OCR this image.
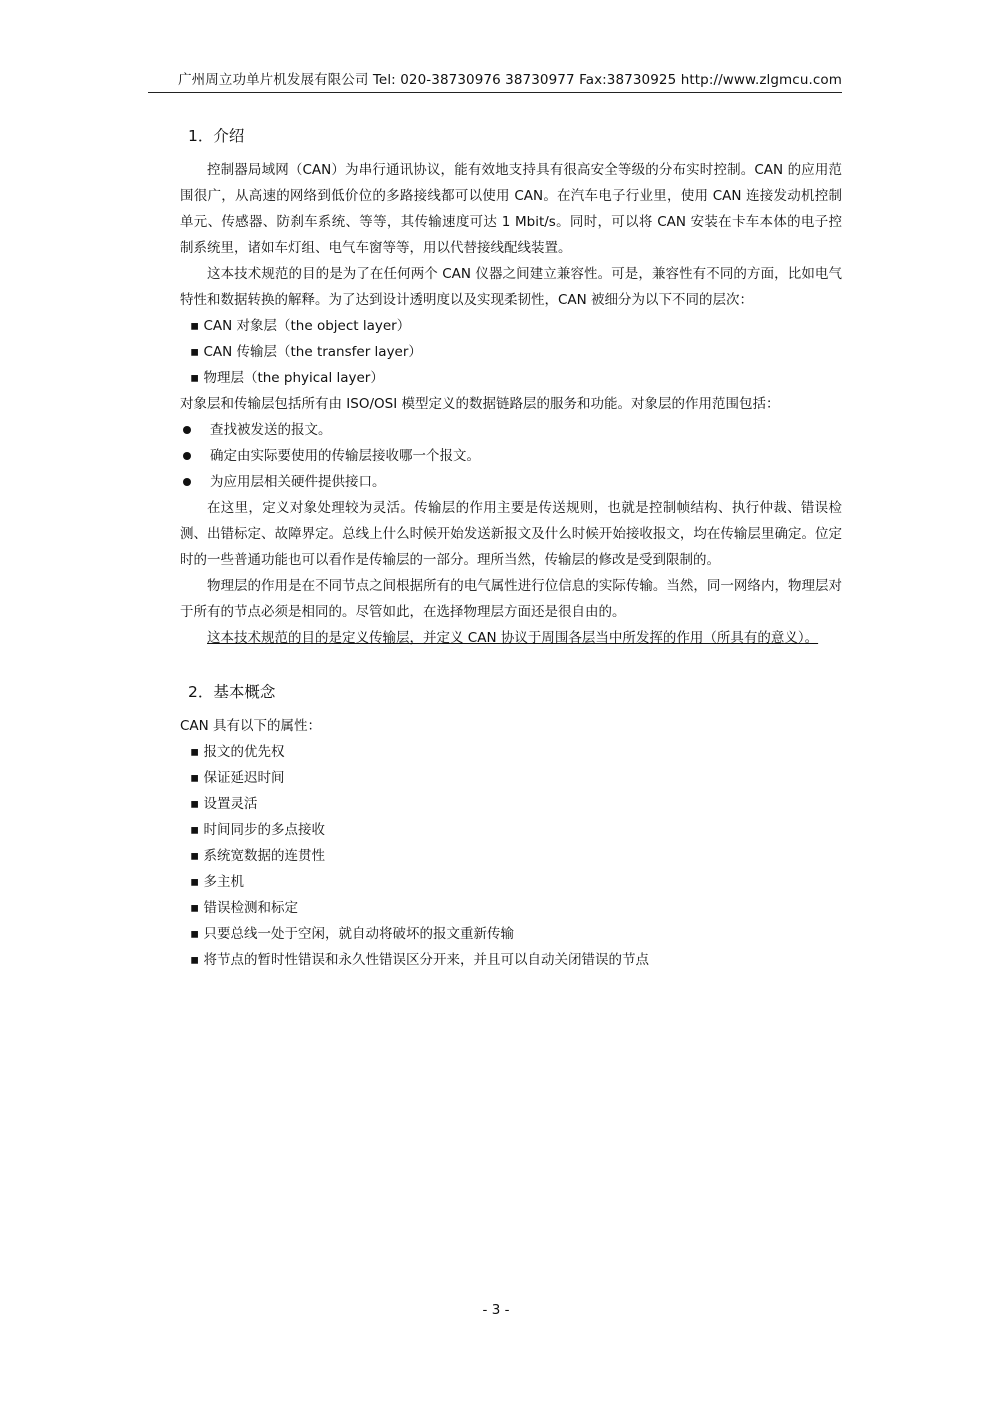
广州周立功单片机发展有限公司 Tel: 020-38730976 38730977 Fax:38730925 http://www.zlgmcu.com
1．介绍

控制器局域网（CAN）为串行通讯协议，能有效地支持具有很高安全等级的分布实时控制。CAN 的应用范围很广，从高速的网络到低价位的多路接线都可以使用 CAN。在汽车电子行业里，使用 CAN 连接发动机控制单元、传感器、防刹车系统、等等，其传输速度可达 1 Mbit/s。同时，可以将 CAN 安装在卡车本体的电子控制系统里，诸如车灯组、电气车窗等等，用以代替接线配线装置。

这本技术规范的目的是为了在任何两个 CAN 仪器之间建立兼容性。可是，兼容性有不同的方面，比如电气特性和数据转换的解释。为了达到设计透明度以及实现柔韧性，CAN 被细分为以下不同的层次：

▪ CAN 对象层（the object layer）
▪ CAN 传输层（the transfer layer）
▪ 物理层（the phyical layer）

对象层和传输层包括所有由 ISO/OSI 模型定义的数据链路层的服务和功能。对象层的作用范围包括：

查找被发送的报文。
确定由实际要使用的传输层接收哪一个报文。
为应用层相关硬件提供接口。

在这里，定义对象处理较为灵活。传输层的作用主要是传送规则，也就是控制帧结构、执行仲裁、错误检测、出错标定、故障界定。总线上什么时候开始发送新报文及什么时候开始接收报文，均在传输层里确定。位定时的一些普通功能也可以看作是传输层的一部分。理所当然，传输层的修改是受到限制的。

物理层的作用是在不同节点之间根据所有的电气属性进行位信息的实际传输。当然，同一网络内，物理层对于所有的节点必须是相同的。尽管如此，在选择物理层方面还是很自由的。

这本技术规范的目的是定义传输层，并定义 CAN 协议于周围各层当中所发挥的作用（所具有的意义）。

2．基本概念

CAN 具有以下的属性：

▪ 报文的优先权
▪ 保证延迟时间
▪ 设置灵活
▪ 时间同步的多点接收
▪ 系统宽数据的连贯性
▪ 多主机
▪ 错误检测和标定
▪ 只要总线一处于空闲，就自动将破坏的报文重新传输
▪ 将节点的暂时性错误和永久性错误区分开来，并且可以自动关闭错误的节点
- 3 -
